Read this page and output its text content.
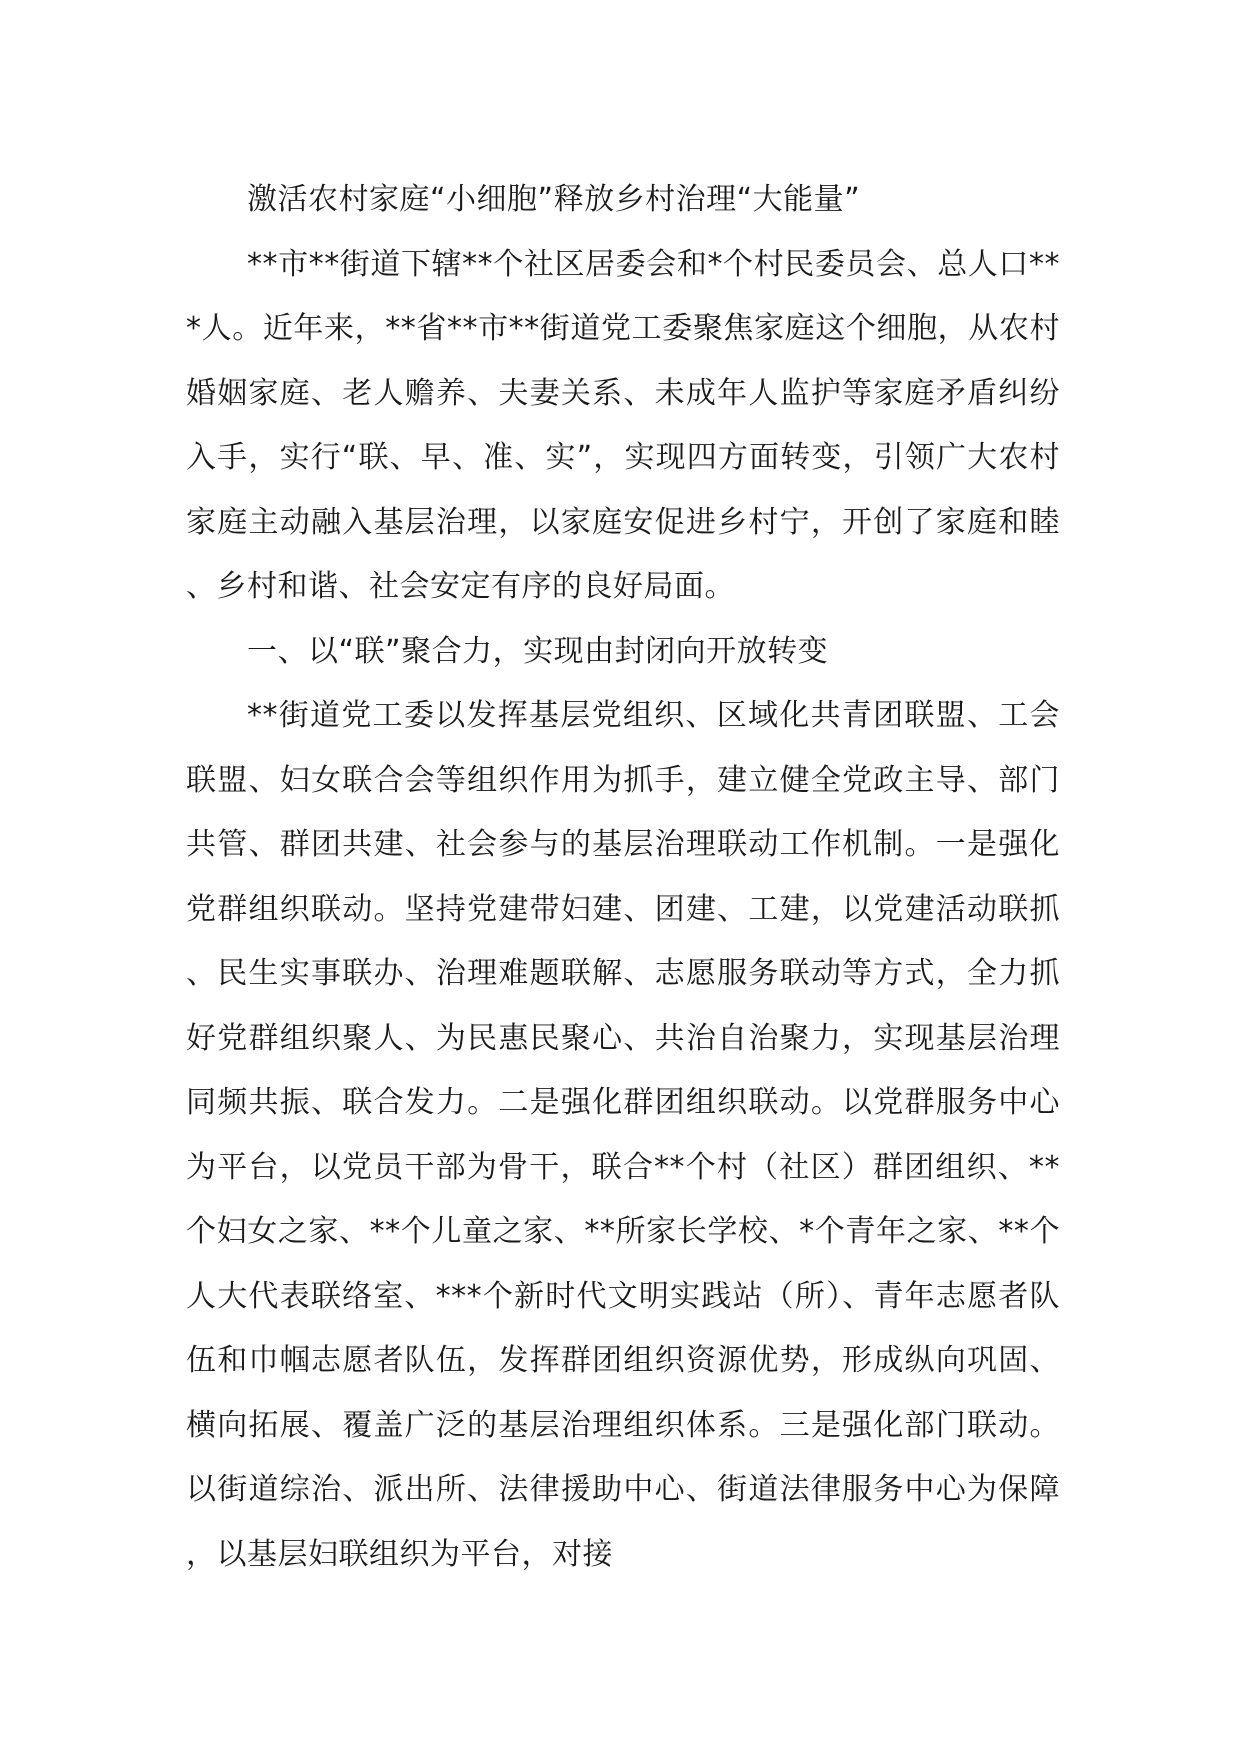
激活农村家庭“小细胞”释放乡村治理“大能量”

**市**街道下辖**个社区居委会和*个村民委员会、总人口***人。近年来，**省**市**街道党工委聚焦家庭这个细胞，从农村婚姻家庭、老人赡养、夫妻关系、未成年人监护等家庭矛盾纠纷入手，实行“联、早、准、实”，实现四方面转变，引领广大农村家庭主动融入基层治理，以家庭安促进乡村宁，开创了家庭和睦、乡村和谐、社会安定有序的良好局面。

一、以“联”聚合力，实现由封闭向开放转变

**街道党工委以发挥基层党组织、区域化共青团联盟、工会联盟、妇女联合会等组织作用为抓手，建立健全党政主导、部门共管、群团共建、社会参与的基层治理联动工作机制。一是强化党群组织联动。坚持党建带妇建、团建、工建，以党建活动联抓、民生实事联办、治理难题联解、志愿服务联动等方式，全力抓好党群组织聚人、为民惠民聚心、共治自治聚力，实现基层治理同频共振、联合发力。二是强化群团组织联动。以党群服务中心为平台，以党员干部为骨干，联合**个村（社区）群团组织、**个妇女之家、**个儿童之家、**所家长学校、*个青年之家、**个人大代表联络室、***个新时代文明实践站（所）、青年志愿者队伍和巾帼志愿者队伍，发挥群团组织资源优势，形成纵向巩固、横向拓展、覆盖广泛的基层治理组织体系。三是强化部门联动。以街道综治、派出所、法律援助中心、街道法律服务中心为保障，以基层妇联组织为平台，对接
